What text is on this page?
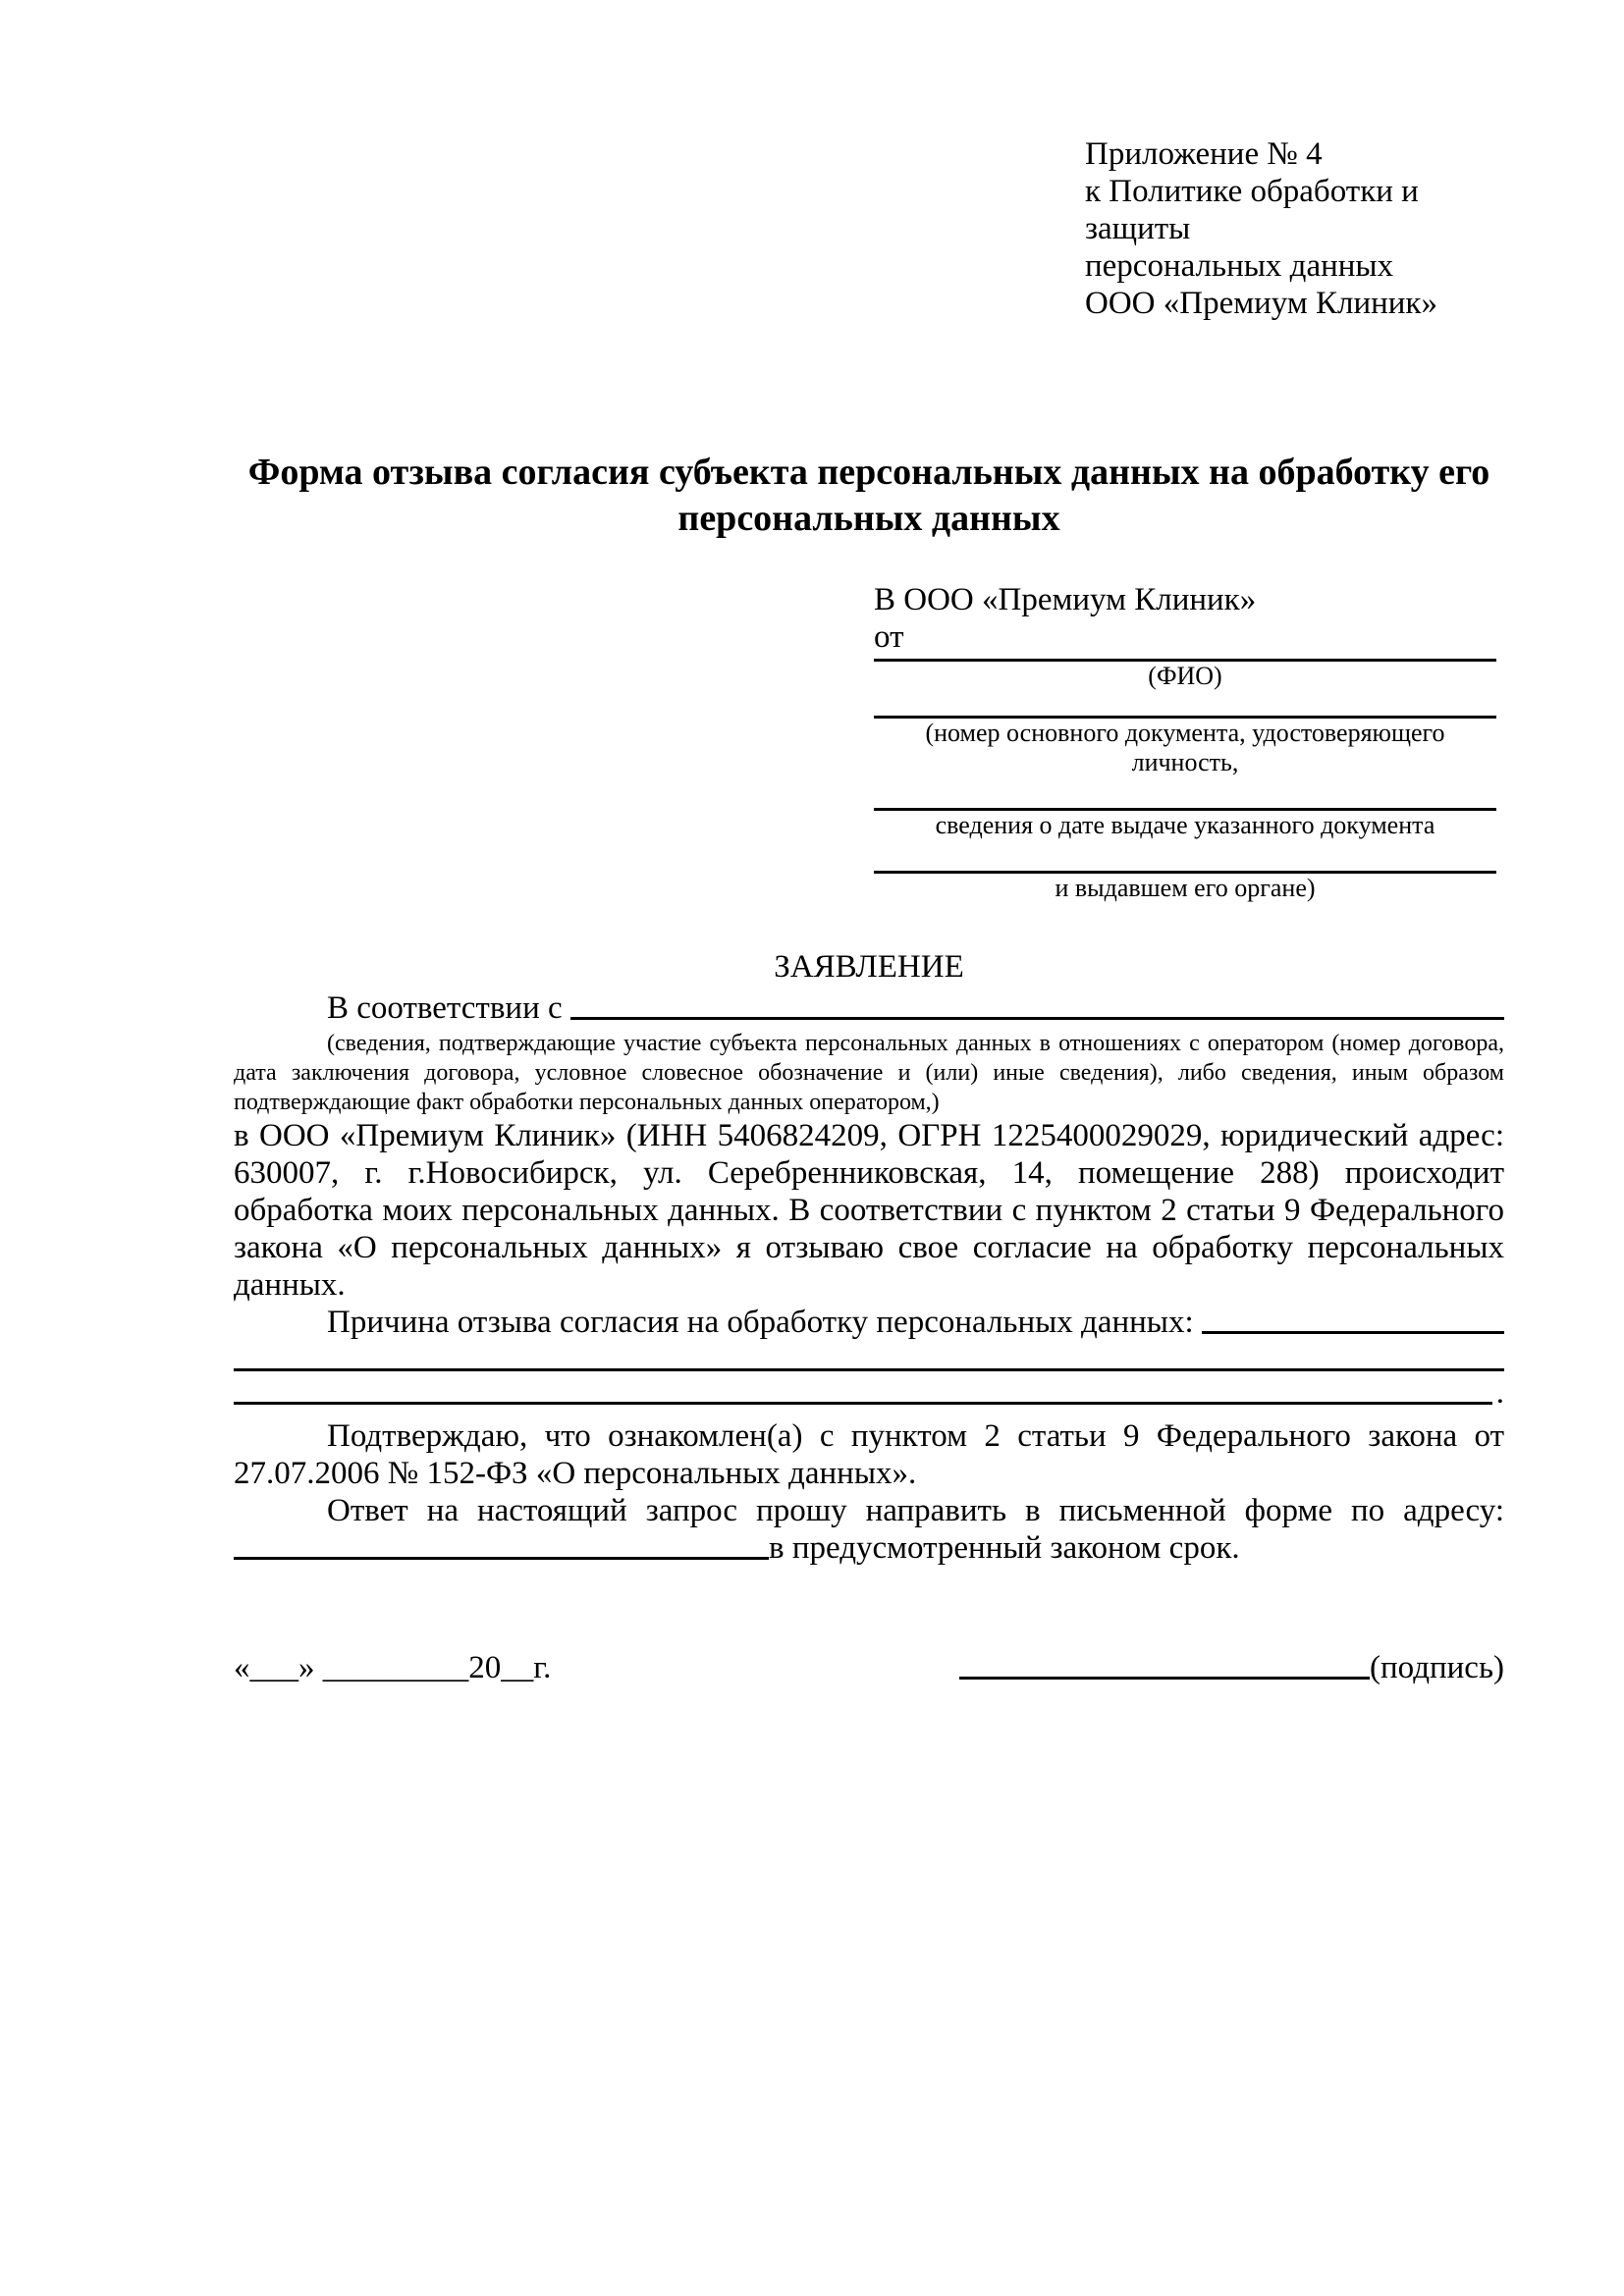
Приложение № 4
к Политике обработки и защиты
персональных данных
ООО «Премиум Клиник»
Форма отзыва согласия субъекта персональных данных на обработку его персональных данных
В ООО «Премиум Клиник»
от
(ФИО)
(номер основного документа, удостоверяющего личность,
сведения о дате выдаче указанного документа
и выдавшем его органе)
ЗАЯВЛЕНИЕ
В соответствии с
(сведения, подтверждающие участие субъекта персональных данных в отношениях с оператором (номер договора, дата заключения договора, условное словесное обозначение и (или) иные сведения), либо сведения, иным образом подтверждающие факт обработки персональных данных оператором,)
в ООО «Премиум Клиник» (ИНН 5406824209, ОГРН 1225400029029, юридический адрес: 630007, г. г.Новосибирск, ул. Серебренниковская, 14, помещение 288) происходит обработка моих персональных данных. В соответствии с пунктом 2 статьи 9 Федерального закона «О персональных данных» я отзываю свое согласие на обработку персональных данных.
Причина отзыва согласия на обработку персональных данных:
.
Подтверждаю, что ознакомлен(а) с пунктом 2 статьи 9 Федерального закона от 27.07.2006 № 152-ФЗ «О персональных данных».
Ответ на настоящий запрос прошу направить в письменной форме по адресу:
в предусмотренный законом срок.
«___» _________20__г.	(подпись)
